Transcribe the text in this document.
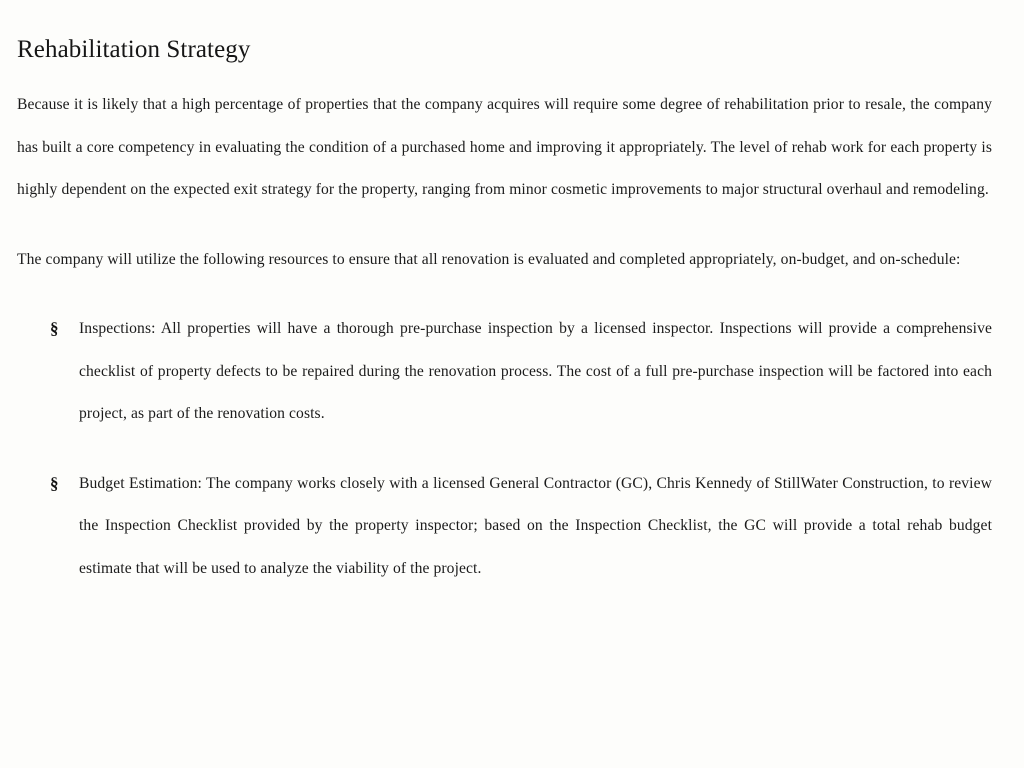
Rehabilitation Strategy

Because it is likely that a high percentage of properties that the company acquires will require some degree of rehabilitation prior to resale, the company has built a core competency in evaluating the condition of a purchased home and improving it appropriately. The level of rehab work for each property is highly dependent on the expected exit strategy for the property, ranging from minor cosmetic improvements to major structural overhaul and remodeling.

The company will utilize the following resources to ensure that all renovation is evaluated and completed appropriately, on-budget, and on-schedule:

§	Inspections: All properties will have a thorough pre-purchase inspection by a licensed inspector. Inspections will provide a comprehensive checklist of property defects to be repaired during the renovation process. The cost of a full pre-purchase inspection will be factored into each project, as part of the renovation costs.
§	Budget Estimation: The company works closely with a licensed General Contractor (GC), Chris Kennedy of StillWater Construction, to review the Inspection Checklist provided by the property inspector; based on the Inspection Checklist, the GC will provide a total rehab budget estimate that will be used to analyze the viability of the project.
